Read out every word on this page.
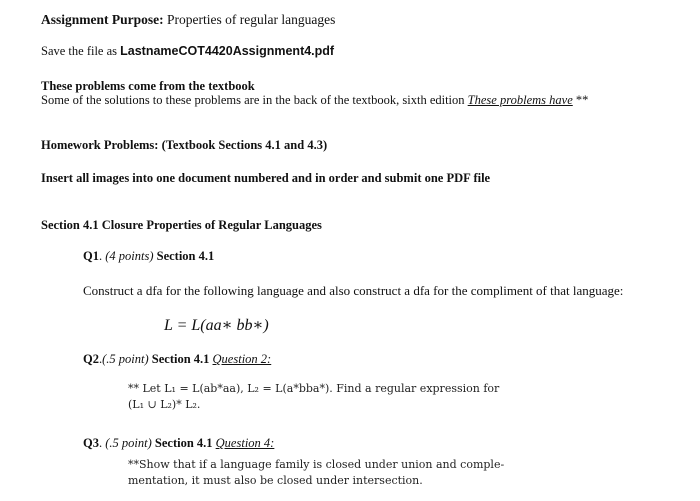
Assignment Purpose: Properties of regular languages
Save the file as LastnameCOT4420Assignment4.pdf
These problems come from the textbook
Some of the solutions to these problems are in the back of the textbook, sixth edition These problems have **
Homework Problems: (Textbook Sections 4.1 and 4.3)
Insert all images into one document numbered and in order and submit one PDF file
Section 4.1 Closure Properties of Regular Languages
Q1. (4 points) Section 4.1
Construct a dfa for the following language and also construct a dfa for the compliment of that language:
L = L(aa∗ bb∗)
Q2.(.5 point) Section 4.1 Question 2:
** Let L₁ = L(ab*aa), L₂ = L(a*bba*). Find a regular expression for
(L₁ ∪ L₂)* L₂.
Q3. (.5 point) Section 4.1 Question 4:
**Show that if a language family is closed under union and comple-
mentation, it must also be closed under intersection.
